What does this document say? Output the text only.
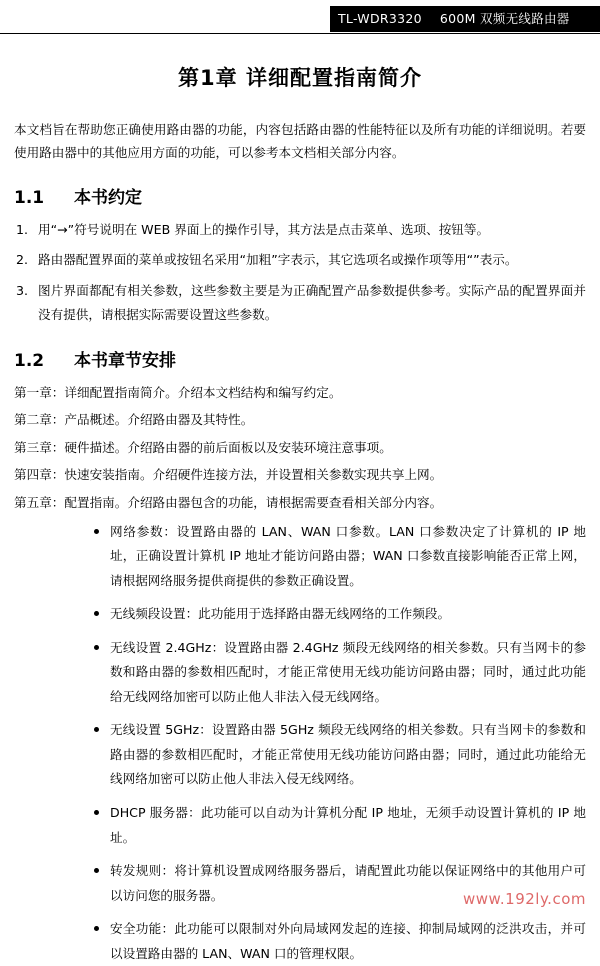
TL-WDR3320 600M 双频无线路由器
第1章 详细配置指南简介

本文档旨在帮助您正确使用路由器的功能，内容包括路由器的性能特征以及所有功能的详细说明。若要使用路由器中的其他应用方面的功能，可以参考本文档相关部分内容。

1.1 本书约定
用“→”符号说明在 WEB 界面上的操作引导，其方法是点击菜单、选项、按钮等。
路由器配置界面的菜单或按钮名采用“加粗”字表示，其它选项名或操作项等用“”表示。
图片界面都配有相关参数，这些参数主要是为正确配置产品参数提供参考。实际产品的配置界面并没有提供，请根据实际需要设置这些参数。
1.2 本书章节安排

第一章：详细配置指南简介。介绍本文档结构和编写约定。

第二章：产品概述。介绍路由器及其特性。

第三章：硬件描述。介绍路由器的前后面板以及安装环境注意事项。

第四章：快速安装指南。介绍硬件连接方法，并设置相关参数实现共享上网。

第五章：配置指南。介绍路由器包含的功能，请根据需要查看相关部分内容。

网络参数：设置路由器的 LAN、WAN 口参数。LAN 口参数决定了计算机的 IP 地址，正确设置计算机 IP 地址才能访问路由器；WAN 口参数直接影响能否正常上网，请根据网络服务提供商提供的参数正确设置。
无线频段设置：此功能用于选择路由器无线网络的工作频段。
无线设置 2.4GHz：设置路由器 2.4GHz 频段无线网络的相关参数。只有当网卡的参数和路由器的参数相匹配时，才能正常使用无线功能访问路由器；同时，通过此功能给无线网络加密可以防止他人非法入侵无线网络。
无线设置 5GHz：设置路由器 5GHz 频段无线网络的相关参数。只有当网卡的参数和路由器的参数相匹配时，才能正常使用无线功能访问路由器；同时，通过此功能给无线网络加密可以防止他人非法入侵无线网络。
DHCP 服务器：此功能可以自动为计算机分配 IP 地址，无须手动设置计算机的 IP 地址。
转发规则：将计算机设置成网络服务器后，请配置此功能以保证网络中的其他用户可以访问您的服务器。
安全功能：此功能可以限制对外向局域网发起的连接、抑制局域网的泛洪攻击，并可以设置路由器的 LAN、WAN 口的管理权限。
www.192ly.com
